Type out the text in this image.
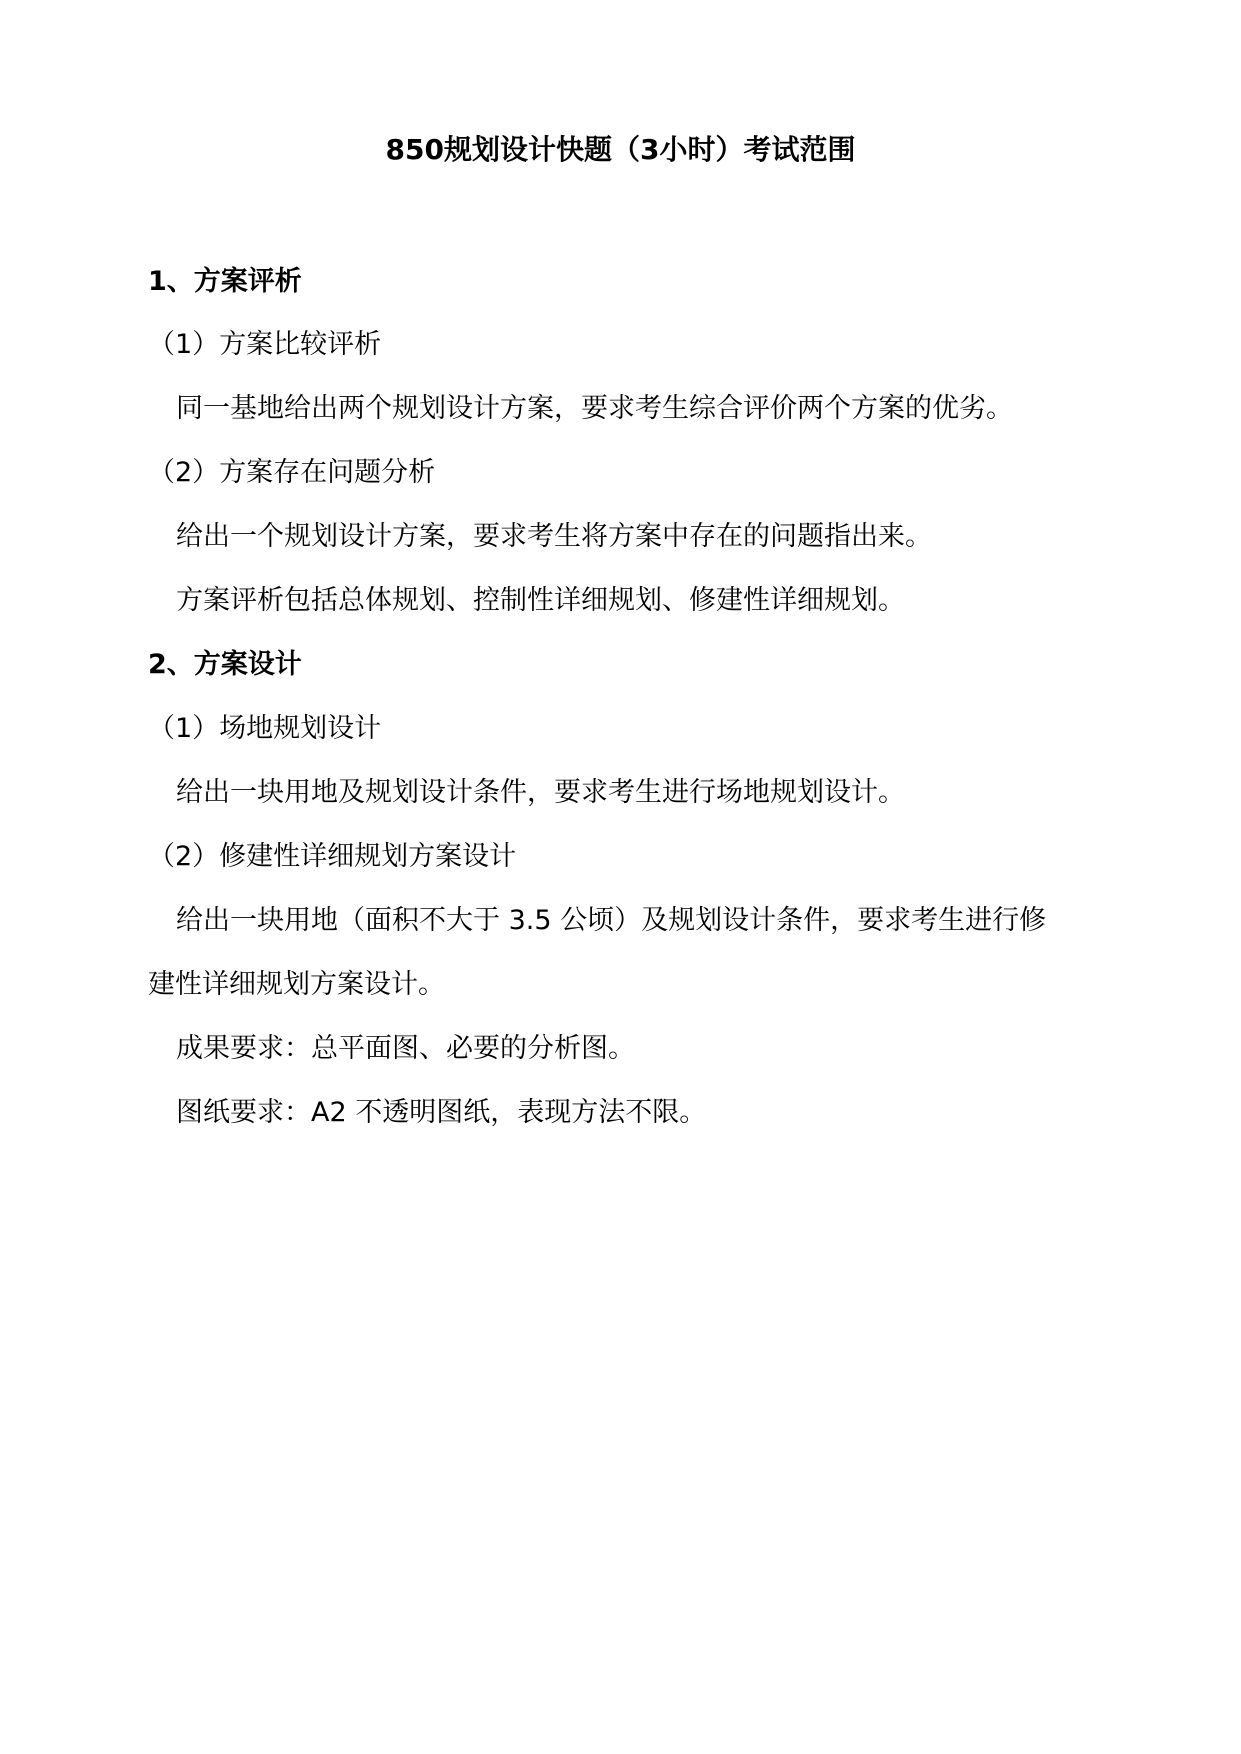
850规划设计快题（3小时）考试范围
1、方案评析
（1）方案比较评析
同一基地给出两个规划设计方案，要求考生综合评价两个方案的优劣。
（2）方案存在问题分析
给出一个规划设计方案，要求考生将方案中存在的问题指出来。
方案评析包括总体规划、控制性详细规划、修建性详细规划。
2、方案设计
（1）场地规划设计
给出一块用地及规划设计条件，要求考生进行场地规划设计。
（2）修建性详细规划方案设计
给出一块用地（面积不大于 3.5 公顷）及规划设计条件，要求考生进行修
建性详细规划方案设计。
成果要求：总平面图、必要的分析图。
图纸要求：A2 不透明图纸，表现方法不限。
